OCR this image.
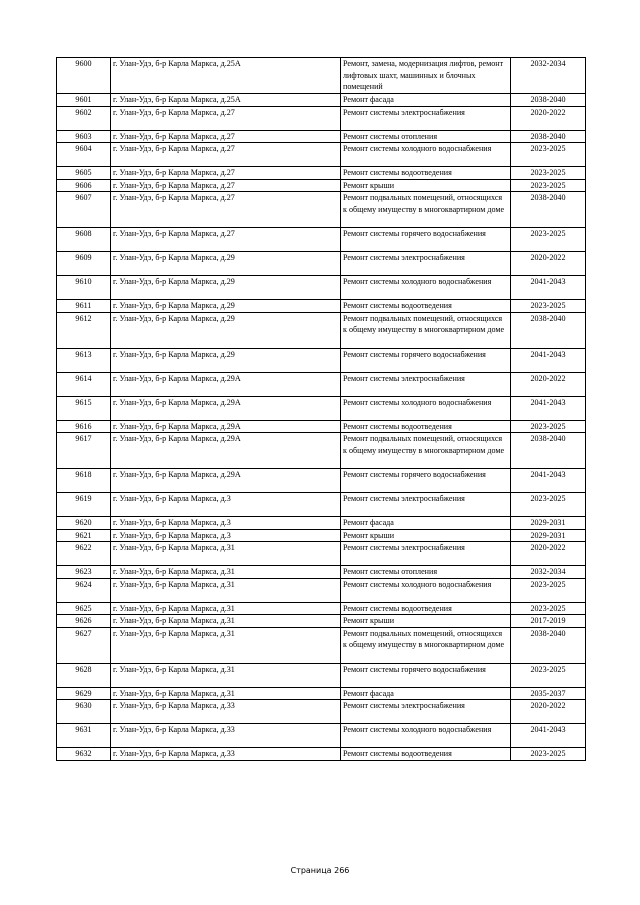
9600	г. Улан-Удэ, б-р Карла Маркса, д.25А	Ремонт, замена, модернизация лифтов, ремонт лифтовых шахт, машинных и блочных помещений	2032-2034
9601	г. Улан-Удэ, б-р Карла Маркса, д.25А	Ремонт фасада	2038-2040
9602	г. Улан-Удэ, б-р Карла Маркса, д.27	Ремонт системы электроснабжения	2020-2022
9603	г. Улан-Удэ, б-р Карла Маркса, д.27	Ремонт системы отопления	2038-2040
9604	г. Улан-Удэ, б-р Карла Маркса, д.27	Ремонт системы холодного водоснабжения	2023-2025
9605	г. Улан-Удэ, б-р Карла Маркса, д.27	Ремонт системы водоотведения	2023-2025
9606	г. Улан-Удэ, б-р Карла Маркса, д.27	Ремонт крыши	2023-2025
9607	г. Улан-Удэ, б-р Карла Маркса, д.27	Ремонт подвальных помещений, относящихся к общему имуществу в многоквартирном доме	2038-2040
9608	г. Улан-Удэ, б-р Карла Маркса, д.27	Ремонт системы горячего водоснабжения	2023-2025
9609	г. Улан-Удэ, б-р Карла Маркса, д.29	Ремонт системы электроснабжения	2020-2022
9610	г. Улан-Удэ, б-р Карла Маркса, д.29	Ремонт системы холодного водоснабжения	2041-2043
9611	г. Улан-Удэ, б-р Карла Маркса, д.29	Ремонт системы водоотведения	2023-2025
9612	г. Улан-Удэ, б-р Карла Маркса, д.29	Ремонт подвальных помещений, относящихся к общему имуществу в многоквартирном доме	2038-2040
9613	г. Улан-Удэ, б-р Карла Маркса, д.29	Ремонт системы горячего водоснабжения	2041-2043
9614	г. Улан-Удэ, б-р Карла Маркса, д.29А	Ремонт системы электроснабжения	2020-2022
9615	г. Улан-Удэ, б-р Карла Маркса, д.29А	Ремонт системы холодного водоснабжения	2041-2043
9616	г. Улан-Удэ, б-р Карла Маркса, д.29А	Ремонт системы водоотведения	2023-2025
9617	г. Улан-Удэ, б-р Карла Маркса, д.29А	Ремонт подвальных помещений, относящихся к общему имуществу в многоквартирном доме	2038-2040
9618	г. Улан-Удэ, б-р Карла Маркса, д.29А	Ремонт системы горячего водоснабжения	2041-2043
9619	г. Улан-Удэ, б-р Карла Маркса, д.3	Ремонт системы электроснабжения	2023-2025
9620	г. Улан-Удэ, б-р Карла Маркса, д.3	Ремонт фасада	2029-2031
9621	г. Улан-Удэ, б-р Карла Маркса, д.3	Ремонт крыши	2029-2031
9622	г. Улан-Удэ, б-р Карла Маркса, д.31	Ремонт системы электроснабжения	2020-2022
9623	г. Улан-Удэ, б-р Карла Маркса, д.31	Ремонт системы отопления	2032-2034
9624	г. Улан-Удэ, б-р Карла Маркса, д.31	Ремонт системы холодного водоснабжения	2023-2025
9625	г. Улан-Удэ, б-р Карла Маркса, д.31	Ремонт системы водоотведения	2023-2025
9626	г. Улан-Удэ, б-р Карла Маркса, д.31	Ремонт крыши	2017-2019
9627	г. Улан-Удэ, б-р Карла Маркса, д.31	Ремонт подвальных помещений, относящихся к общему имуществу в многоквартирном доме	2038-2040
9628	г. Улан-Удэ, б-р Карла Маркса, д.31	Ремонт системы горячего водоснабжения	2023-2025
9629	г. Улан-Удэ, б-р Карла Маркса, д.31	Ремонт фасада	2035-2037
9630	г. Улан-Удэ, б-р Карла Маркса, д.33	Ремонт системы электроснабжения	2020-2022
9631	г. Улан-Удэ, б-р Карла Маркса, д.33	Ремонт системы холодного водоснабжения	2041-2043
9632	г. Улан-Удэ, б-р Карла Маркса, д.33	Ремонт системы водоотведения	2023-2025
Страница 266
